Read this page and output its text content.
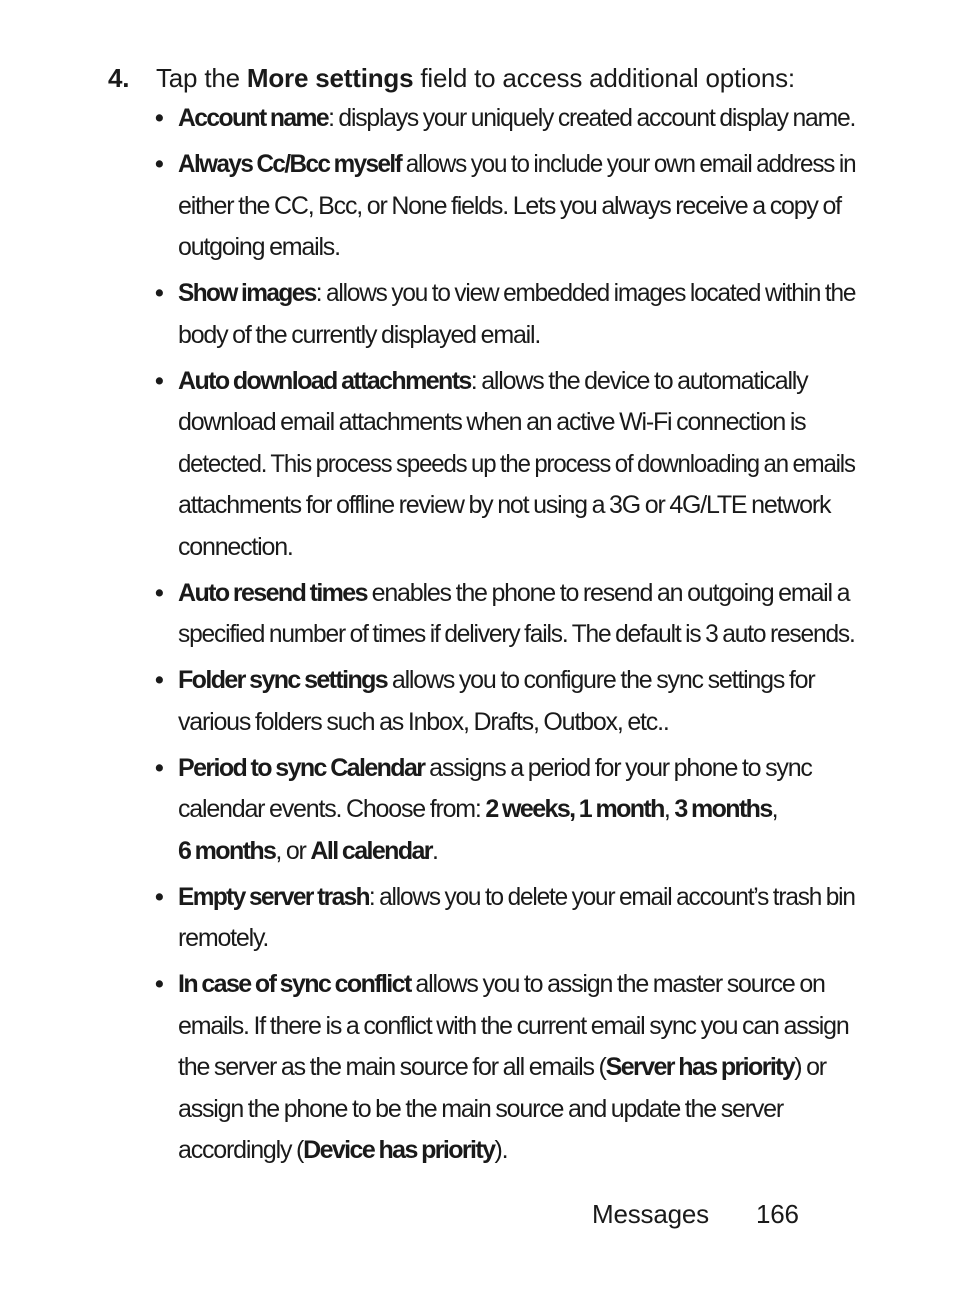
4. Tap the More settings field to access additional options:
• Account name: displays your uniquely created account display name.

• Always Cc/Bcc myself allows you to include your own email address in
either the CC, Bcc, or None fields. Lets you always receive a copy of
outgoing emails.

• Show images: allows you to view embedded images located within the
body of the currently displayed email.

• Auto download attachments: allows the device to automatically
download email attachments when an active Wi-Fi connection is
detected. This process speeds up the process of downloading an emails
attachments for offline review by not using a 3G or 4G/LTE network
connection.

• Auto resend times enables the phone to resend an outgoing email a
specified number of times if delivery fails. The default is 3 auto resends.

• Folder sync settings allows you to configure the sync settings for
various folders such as Inbox, Drafts, Outbox, etc..

• Period to sync Calendar assigns a period for your phone to sync
calendar events. Choose from: 2 weeks, 1 month, 3 months,
6 months, or All calendar.

• Empty server trash: allows you to delete your email account’s trash bin
remotely.

• In case of sync conflict allows you to assign the master source on
emails. If there is a conflict with the current email sync you can assign
the server as the main source for all emails (Server has priority) or
assign the phone to be the main source and update the server
accordingly (Device has priority).

Messages 166
